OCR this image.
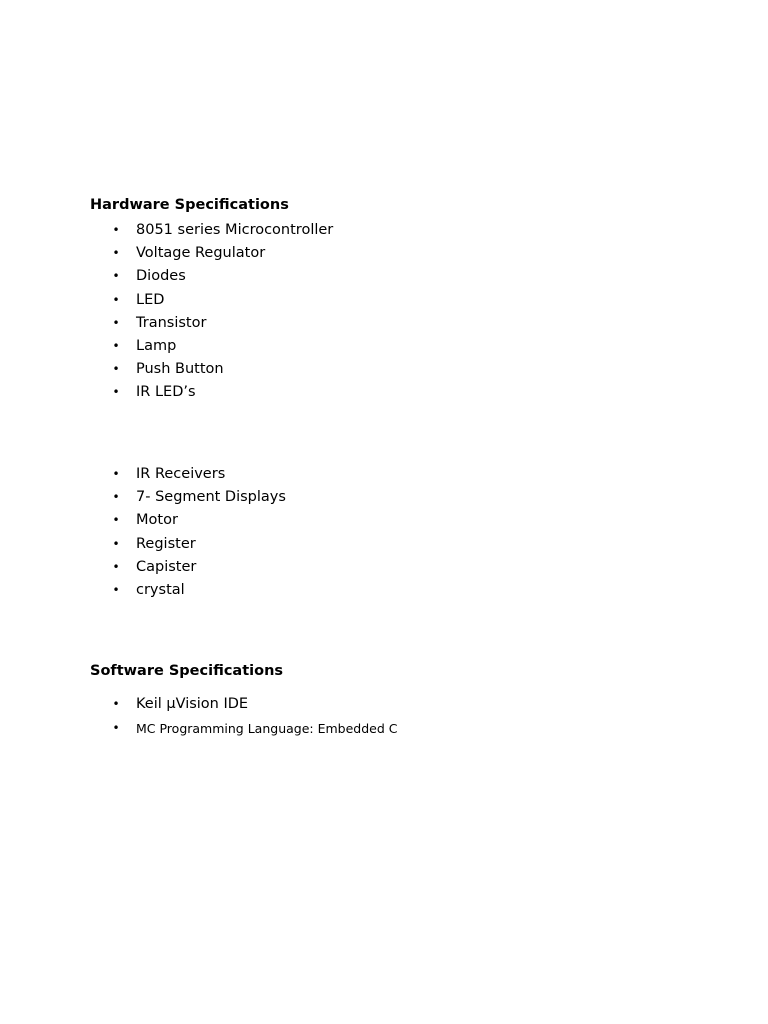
Hardware Specifications
• 8051 series Microcontroller
• Voltage Regulator
• Diodes
• LED
• Transistor
• Lamp
• Push Button
• IR LED’s
• IR Receivers
• 7- Segment Displays
• Motor
• Register
• Capister
• crystal
Software Specifications
• Keil µVision IDE
• MC Programming Language: Embedded C
